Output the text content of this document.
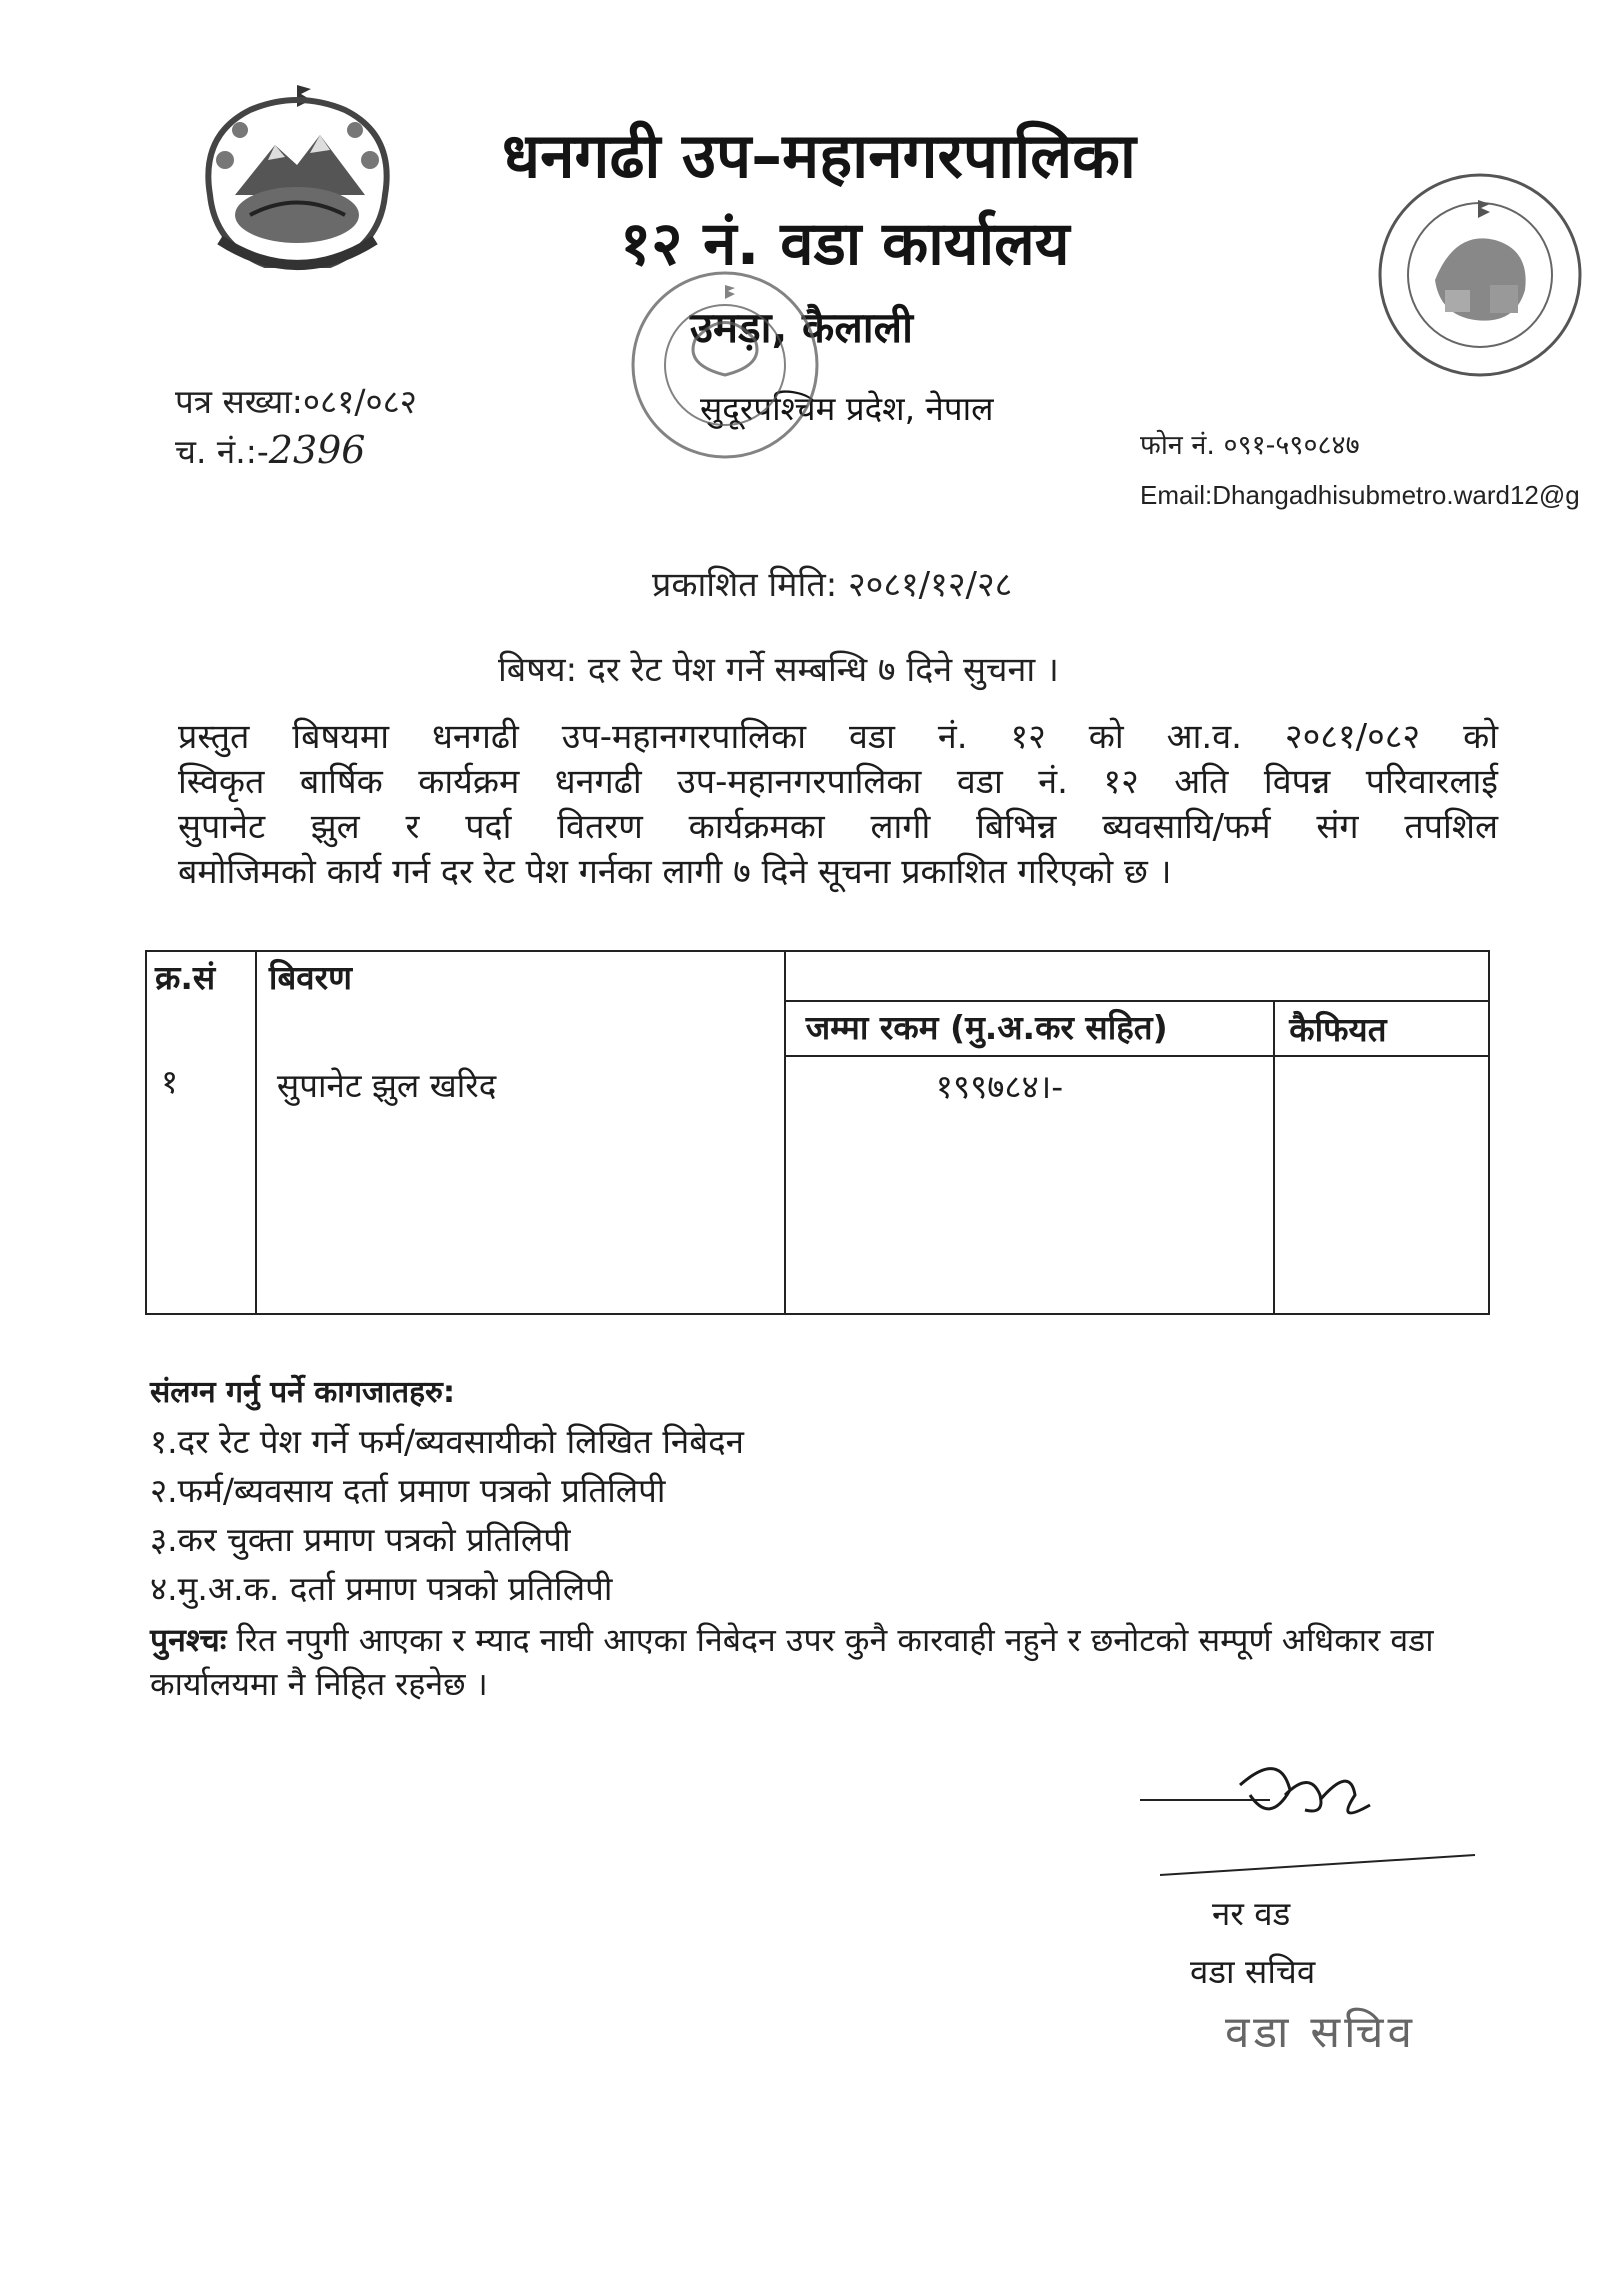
धनगढी उप–महानगरपालिका
१२ नं. वडा कार्यालय
उमड़ा, कैलाली
सुदूरपश्चिम प्रदेश, नेपाल
पत्र सख्या:०८१/०८२
च. नं.:-2396	फोन नं. ०९१-५९०८४७
Email:Dhangadhisubmetro.ward12@g
प्रकाशित मिति: २०८१/१२/२८
बिषय: दर रेट पेश गर्ने सम्बन्धि ७ दिने सुचना ।
प्रस्तुत बिषयमा धनगढी उप-महानगरपालिका वडा नं. १२ को आ.व. २०८१/०८२ को
स्विकृत बार्षिक कार्यक्रम धनगढी उप-महानगरपालिका वडा नं. १२ अति विपन्न परिवारलाई
सुपानेट झुल र पर्दा वितरण कार्यक्रमका लागी बिभिन्न ब्यवसायि/फर्म संग तपशिल
बमोजिमको कार्य गर्न दर रेट पेश गर्नका लागी ७ दिने सूचना प्रकाशित गरिएको छ ।
क्र.सं	बिवरण		
		जम्मा रकम (मु.अ.कर सहित)	कैफियत
१	सुपानेट झुल खरिद	१९९७८४।-	
संलग्न गर्नु पर्ने कागजातहरु:
१.दर रेट पेश गर्ने फर्म/ब्यवसायीको लिखित निबेदन
२.फर्म/ब्यवसाय दर्ता प्रमाण पत्रको प्रतिलिपी
३.कर चुक्ता प्रमाण पत्रको प्रतिलिपी
४.मु.अ.क. दर्ता प्रमाण पत्रको प्रतिलिपी
पुनश्चः रित नपुगी आएका र म्याद नाघी आएका निबेदन उपर कुनै कारवाही नहुने र छनोटको सम्पूर्ण अधिकार वडा कार्यालयमा नै निहित रहनेछ ।
नर वड
वडा सचिव
वडा सचिव
